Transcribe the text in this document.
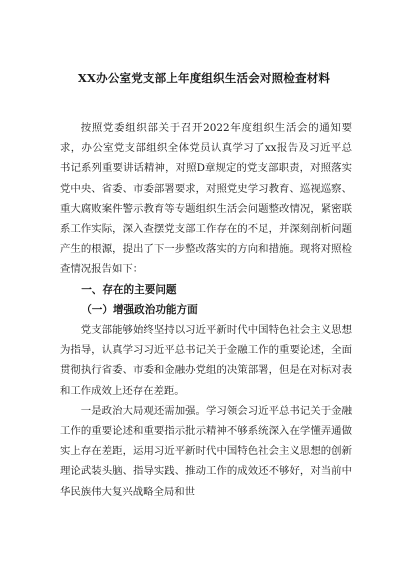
XX办公室党支部上年度组织生活会对照检查材料

按照党委组织部关于召开2022年度组织生活会的通知要求，办公室党支部组织全体党员认真学习了xx报告及习近平总书记系列重要讲话精神，对照D章规定的党支部职责，对照落实党中央、省委、市委部署要求，对照党史学习教育、巡视巡察、重大腐败案件警示教育等专题组织生活会问题整改情况，紧密联系工作实际，深入查摆党支部工作存在的不足，并深刻剖析问题产生的根源，提出了下一步整改落实的方向和措施。现将对照检查情况报告如下：

一、存在的主要问题

（一）增强政治功能方面

党支部能够始终坚持以习近平新时代中国特色社会主义思想为指导，认真学习习近平总书记关于金融工作的重要论述，全面贯彻执行省委、市委和金融办党组的决策部署，但是在对标对表和工作成效上还存在差距。

一是政治大局观还需加强。学习领会习近平总书记关于金融工作的重要论述和重要指示批示精神不够系统深入在学懂弄通做实上存在差距，运用习近平新时代中国特色社会主义思想的创新理论武装头脑、指导实践、推动工作的成效还不够好，对当前中华民族伟大复兴战略全局和世
